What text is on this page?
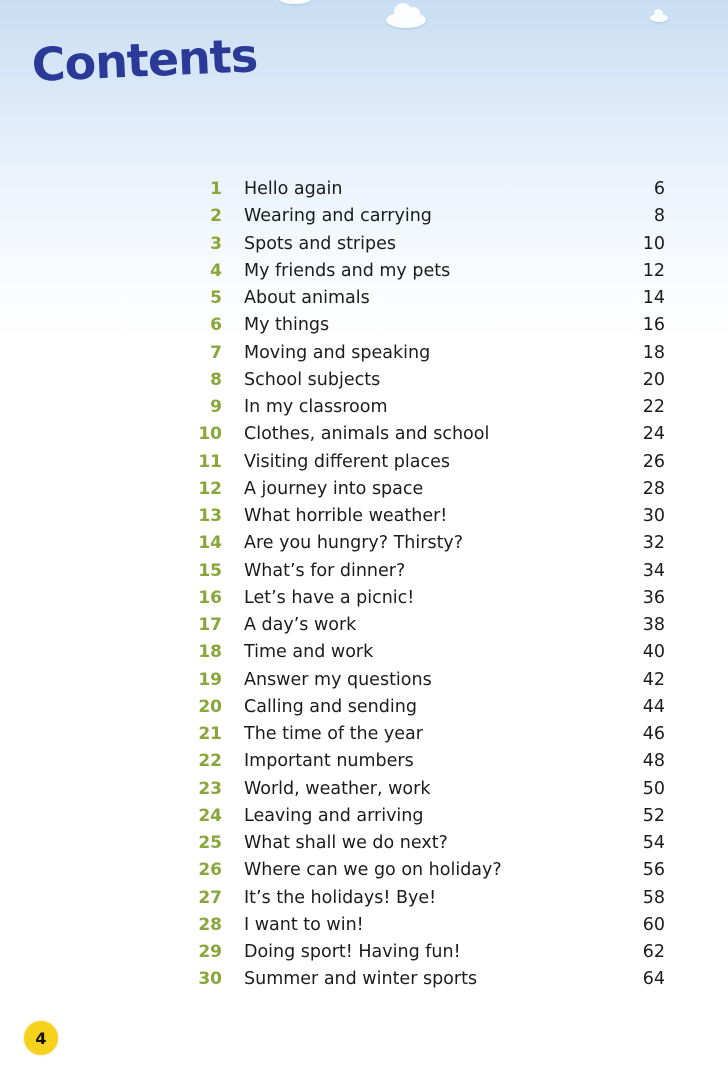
Contents
1 Hello again	6
2 Wearing and carrying	8
3 Spots and stripes	10
4 My friends and my pets	12
5 About animals	14
6 My things	16
7 Moving and speaking	18
8 School subjects	20
9 In my classroom	22
10 Clothes, animals and school	24
11 Visiting different places	26
12 A journey into space	28
13 What horrible weather!	30
14 Are you hungry? Thirsty?	32
15 What’s for dinner?	34
16 Let’s have a picnic!	36
17 A day’s work	38
18 Time and work	40
19 Answer my questions	42
20 Calling and sending	44
21 The time of the year	46
22 Important numbers	48
23 World, weather, work	50
24 Leaving and arriving	52
25 What shall we do next?	54
26 Where can we go on holiday?	56
27 It’s the holidays! Bye!	58
28 I want to win!	60
29 Doing sport! Having fun!	62
30 Summer and winter sports	64
4
